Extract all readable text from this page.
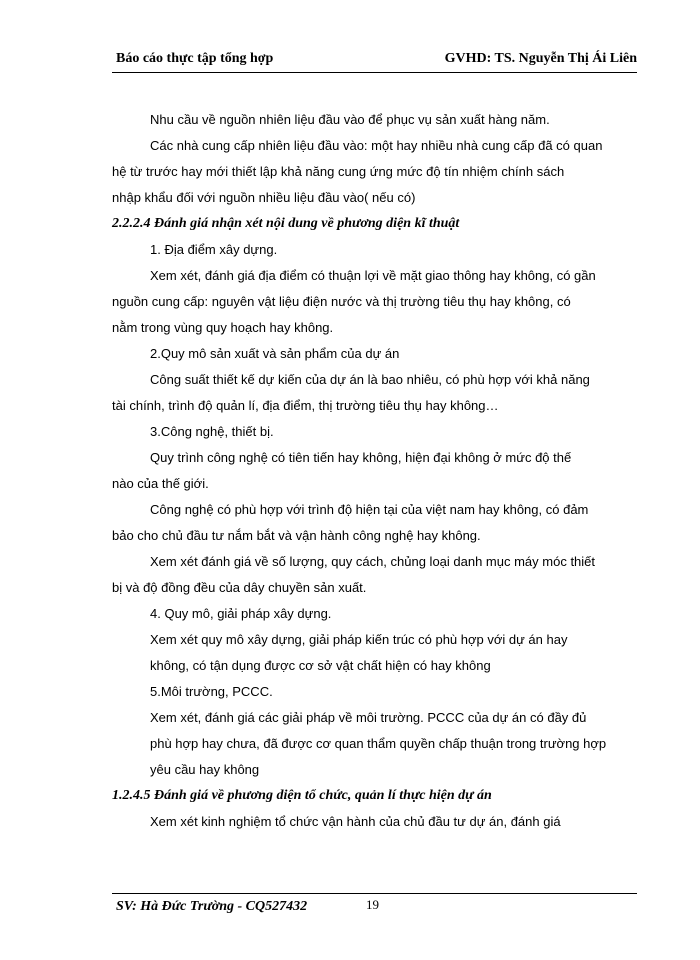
Báo cáo thực tập tổng hợp	GVHD: TS. Nguyễn Thị Ái Liên
Nhu cầu về nguồn nhiên liệu đầu vào để phục vụ sản xuất hàng năm.
Các nhà cung cấp nhiên liệu đầu vào: một hay nhiều nhà cung cấp đã có quan
hệ từ trước hay mới thiết lập khả năng cung ứng mức độ tín nhiệm chính sách
nhập khẩu đối với nguồn nhiều liệu đầu vào( nếu có)
2.2.2.4 Đánh giá nhận xét nội dung về phương diện kĩ thuật
1. Địa điểm xây dựng.
Xem xét, đánh giá địa điểm có thuận lợi về mặt giao thông hay không, có gần
nguồn cung cấp: nguyên vật liệu điện nước và thị trường tiêu thụ hay không, có
nằm trong vùng quy hoạch hay không.
2.Quy mô sản xuất và sản phẩm của dự án
Công suất thiết kế dự kiến của dự án là bao nhiêu, có phù hợp với khả năng
tài chính, trình độ quản lí, địa điểm, thị trường tiêu thụ hay không…
3.Công nghệ, thiết bị.
Quy trình công nghệ có tiên tiến hay không, hiện đại không ở mức độ thế
nào của thế giới.
Công nghệ có phù hợp với trình độ hiện tại của việt nam hay không, có đảm
bảo cho chủ đầu tư nắm bắt và vận hành công nghệ hay không.
Xem xét đánh giá về số lượng, quy cách, chủng loại danh mục máy móc thiết
bị và độ đồng đều của dây chuyền sản xuất.
4. Quy mô, giải pháp xây dựng.
Xem xét quy mô xây dựng, giải pháp kiến trúc có phù hợp với dự án hay
không, có tận dụng được cơ sở vật chất hiện có hay không
5.Môi trường, PCCC.
Xem xét, đánh giá các giải pháp về môi trường. PCCC của dự án có đầy đủ
phù hợp hay chưa, đã được cơ quan thẩm quyền chấp thuận trong trường hợp
yêu cầu hay không
1.2.4.5 Đánh giá về phương diện tổ chức, quản lí thực hiện dự án
Xem xét kinh nghiệm tổ chức vận hành của chủ đầu tư dự án, đánh giá
SV: Hà Đức Trường - CQ527432	19
